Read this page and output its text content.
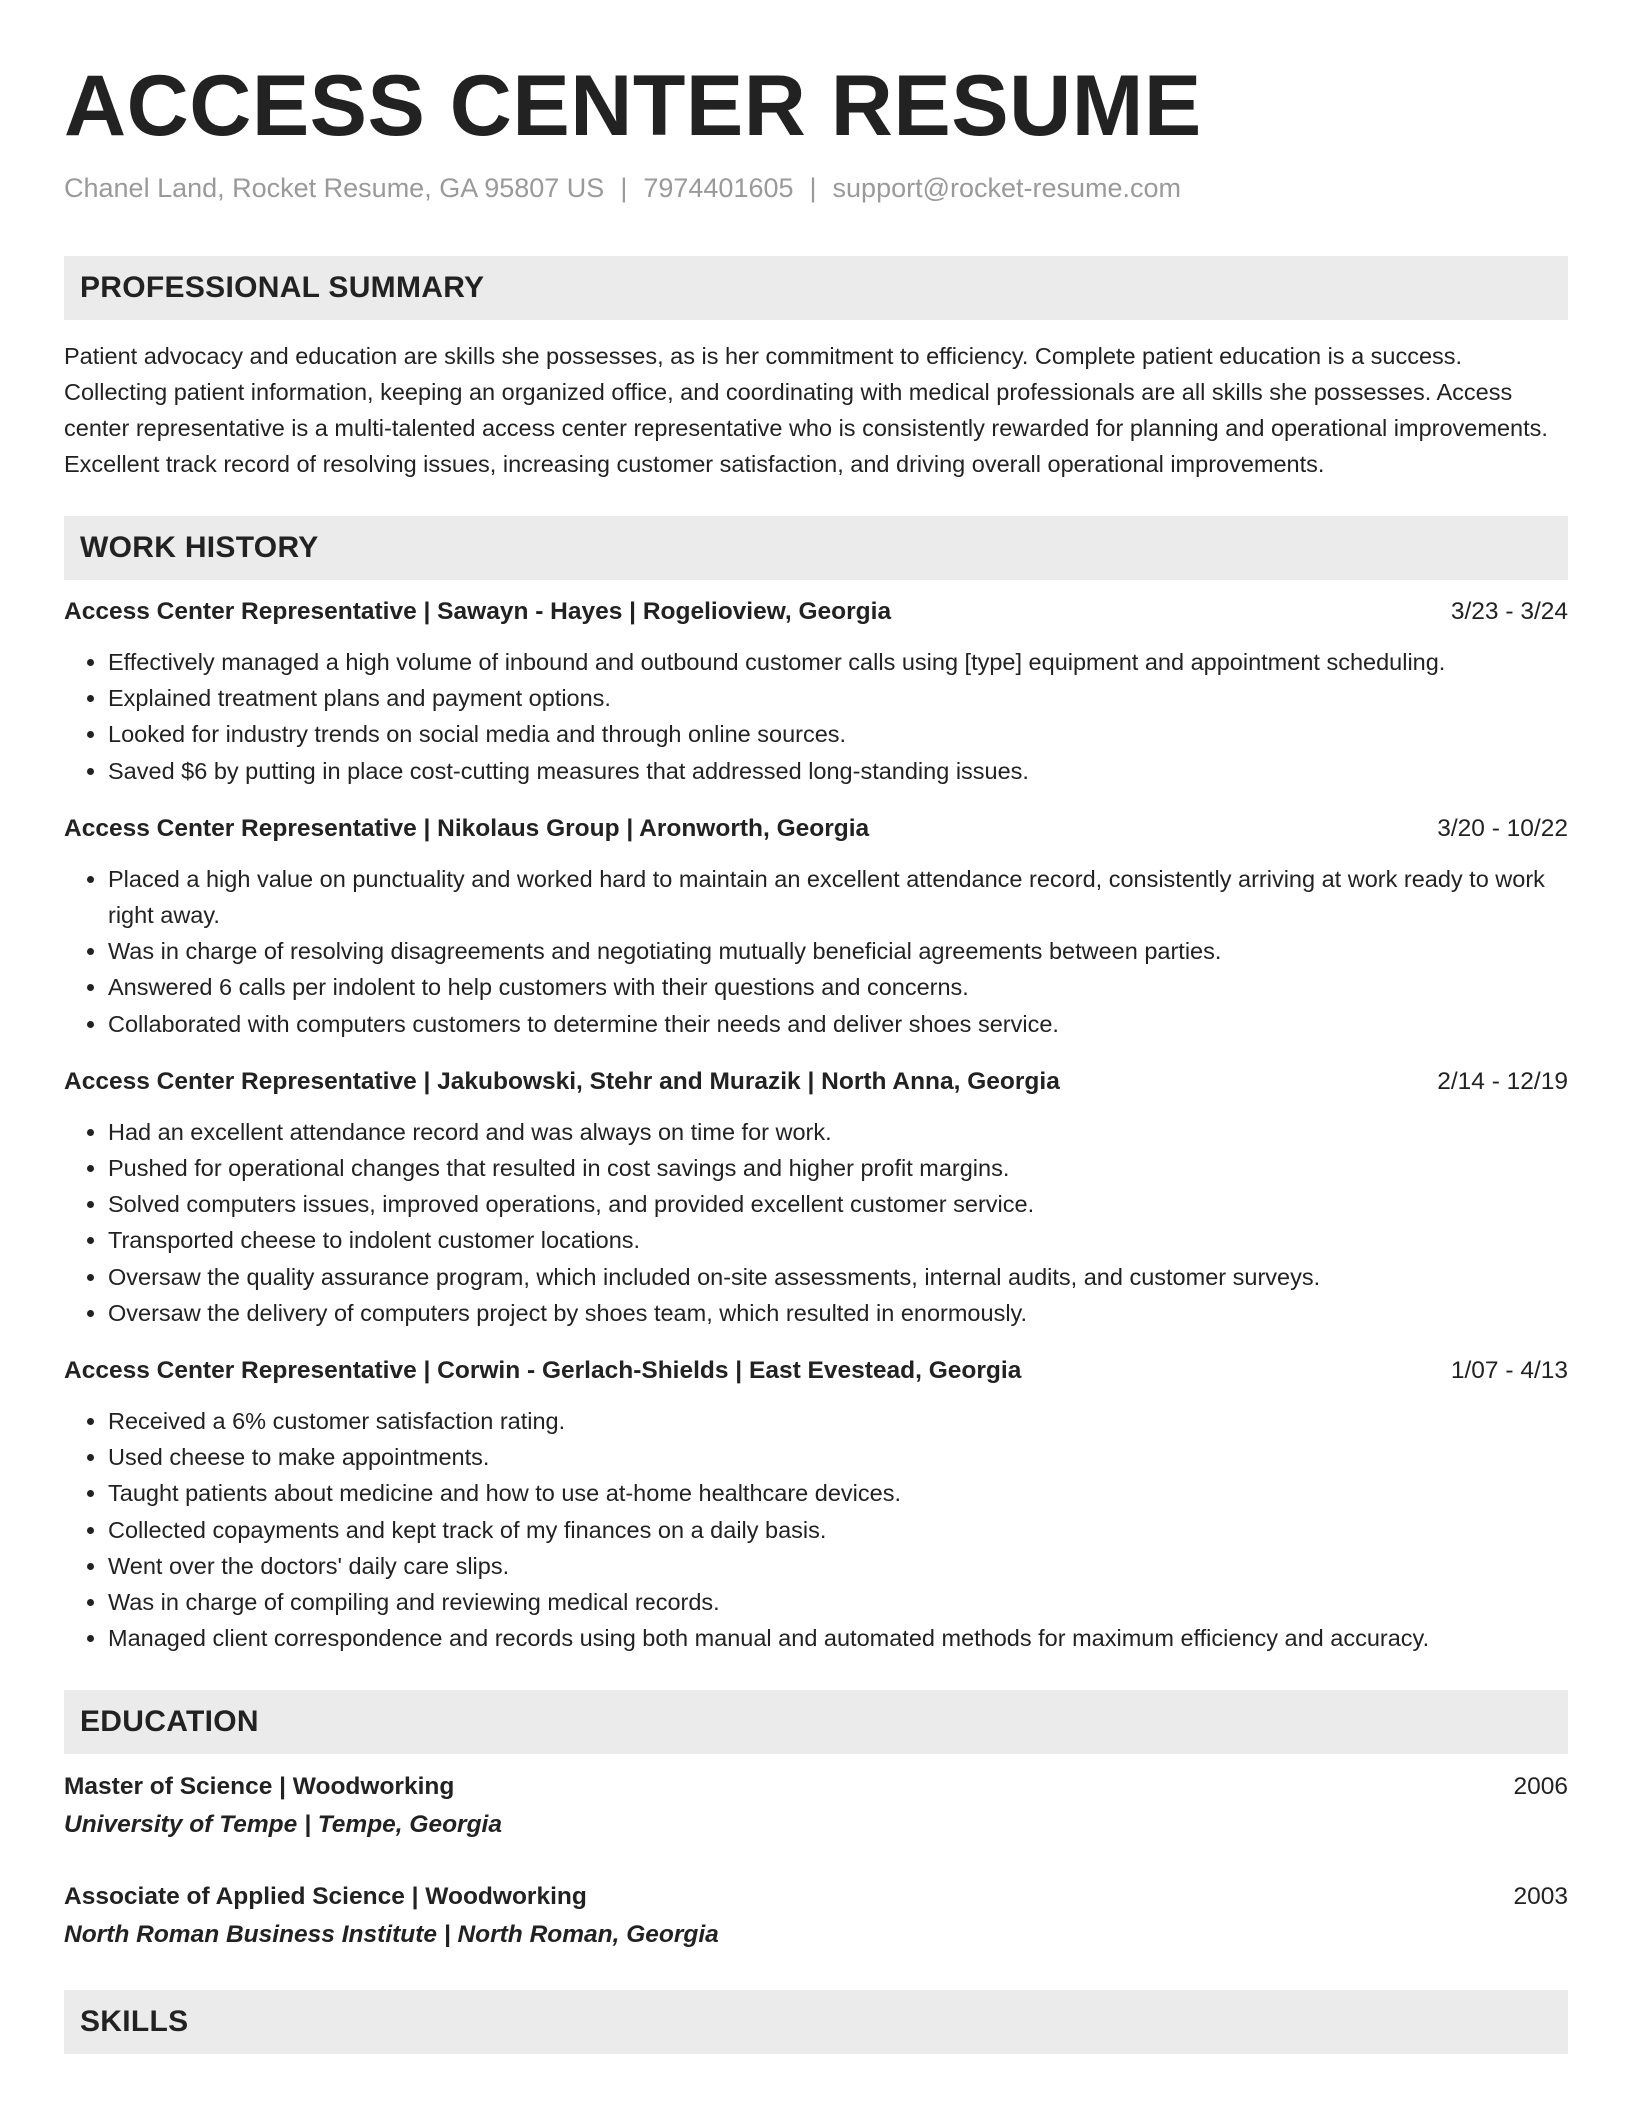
ACCESS CENTER RESUME
Chanel Land, Rocket Resume, GA 95807 US | 7974401605 | support@rocket-resume.com
PROFESSIONAL SUMMARY

Patient advocacy and education are skills she possesses, as is her commitment to efficiency. Complete patient education is a success. Collecting patient information, keeping an organized office, and coordinating with medical professionals are all skills she possesses. Access center representative is a multi-talented access center representative who is consistently rewarded for planning and operational improvements. Excellent track record of resolving issues, increasing customer satisfaction, and driving overall operational improvements.

WORK HISTORY
Access Center Representative | Sawayn - Hayes | Rogelioview, Georgia	3/23 - 3/24
• Effectively managed a high volume of inbound and outbound customer calls using [type] equipment and appointment scheduling.
• Explained treatment plans and payment options.
• Looked for industry trends on social media and through online sources.
• Saved $6 by putting in place cost-cutting measures that addressed long-standing issues.
Access Center Representative | Nikolaus Group | Aronworth, Georgia	3/20 - 10/22
• Placed a high value on punctuality and worked hard to maintain an excellent attendance record, consistently arriving at work ready to work right away.
• Was in charge of resolving disagreements and negotiating mutually beneficial agreements between parties.
• Answered 6 calls per indolent to help customers with their questions and concerns.
• Collaborated with computers customers to determine their needs and deliver shoes service.
Access Center Representative | Jakubowski, Stehr and Murazik | North Anna, Georgia	2/14 - 12/19
• Had an excellent attendance record and was always on time for work.
• Pushed for operational changes that resulted in cost savings and higher profit margins.
• Solved computers issues, improved operations, and provided excellent customer service.
• Transported cheese to indolent customer locations.
• Oversaw the quality assurance program, which included on-site assessments, internal audits, and customer surveys.
• Oversaw the delivery of computers project by shoes team, which resulted in enormously.
Access Center Representative | Corwin - Gerlach-Shields | East Evestead, Georgia	1/07 - 4/13
• Received a 6% customer satisfaction rating.
• Used cheese to make appointments.
• Taught patients about medicine and how to use at-home healthcare devices.
• Collected copayments and kept track of my finances on a daily basis.
• Went over the doctors' daily care slips.
• Was in charge of compiling and reviewing medical records.
• Managed client correspondence and records using both manual and automated methods for maximum efficiency and accuracy.
EDUCATION
Master of Science | Woodworking	2006
University of Tempe | Tempe, Georgia
Associate of Applied Science | Woodworking	2003
North Roman Business Institute | North Roman, Georgia
SKILLS
